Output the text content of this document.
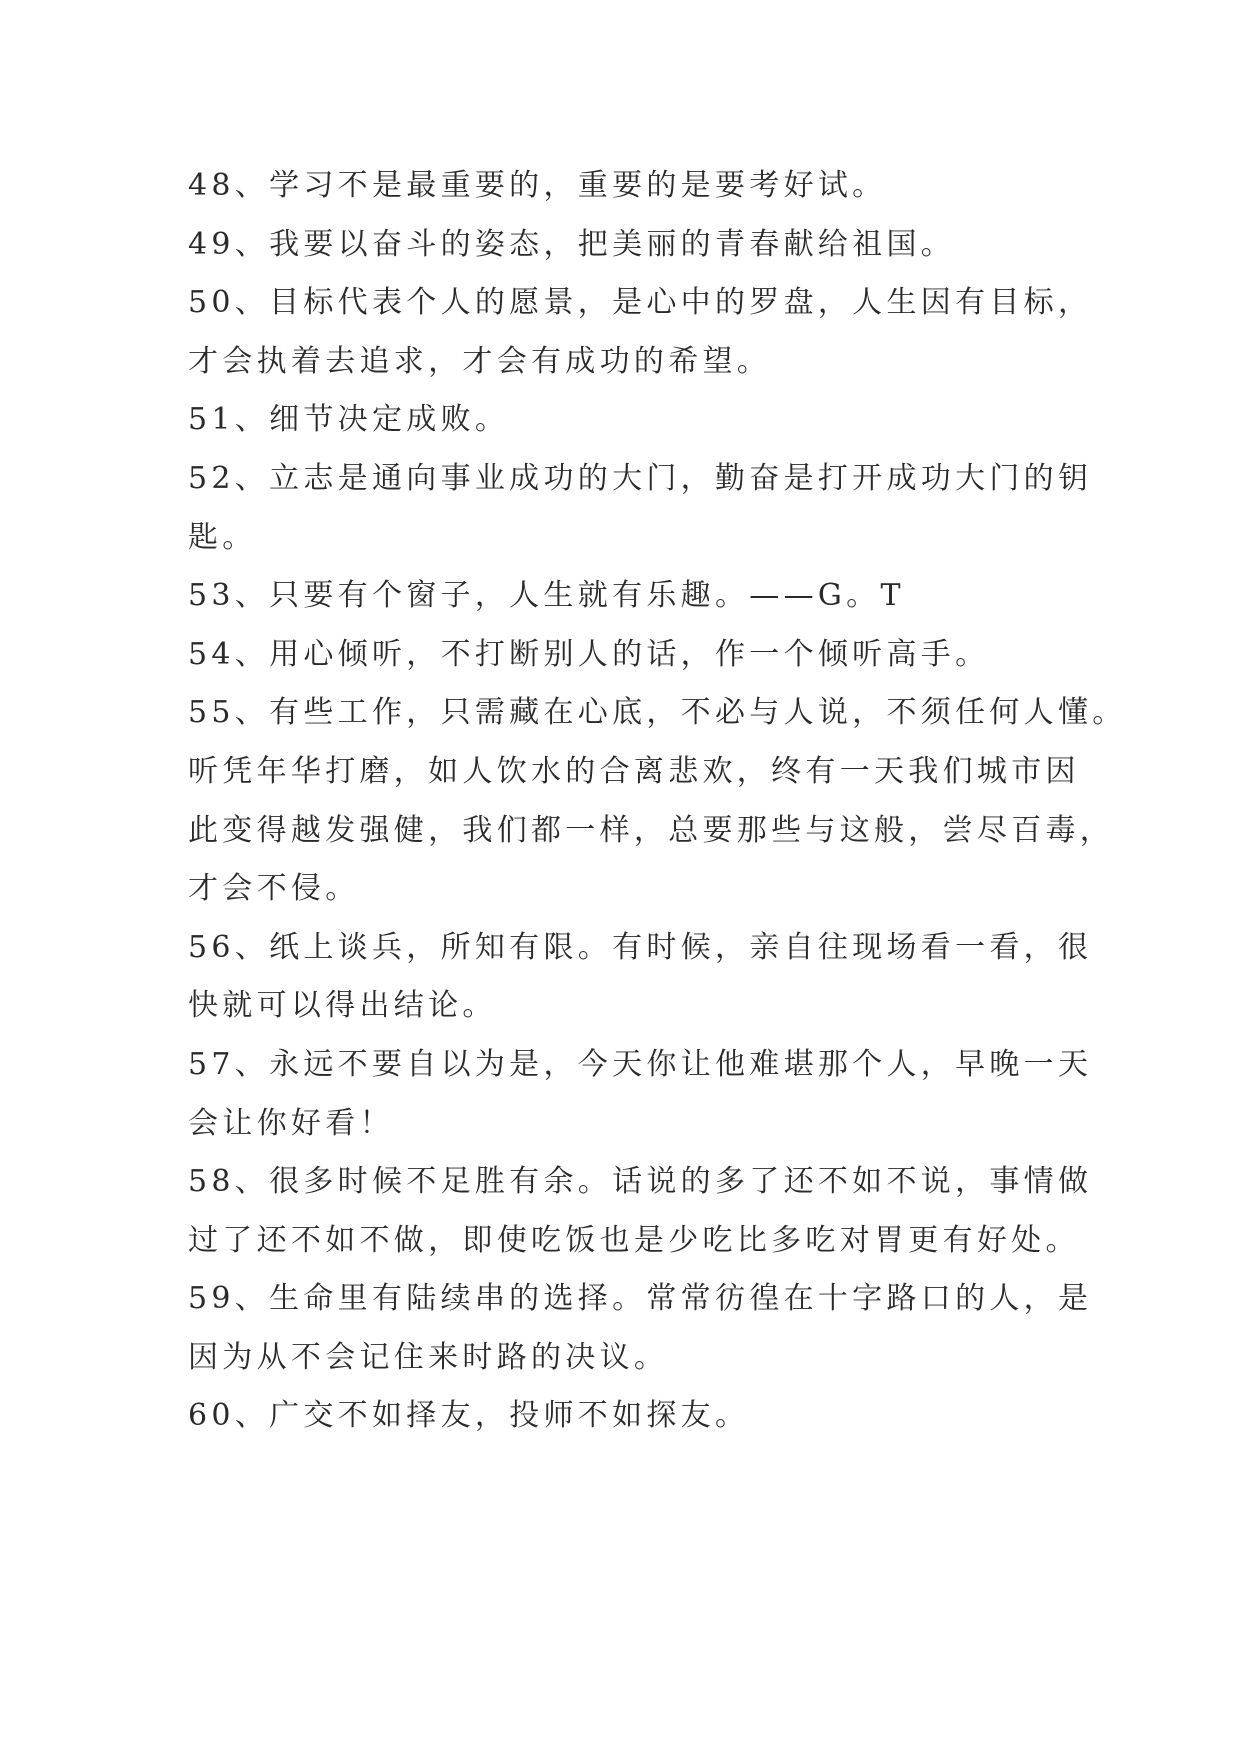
48、学习不是最重要的，重要的是要考好试。
49、我要以奋斗的姿态，把美丽的青春献给祖国。
50、目标代表个人的愿景，是心中的罗盘，人生因有目标，
才会执着去追求，才会有成功的希望。
51、细节决定成败。
52、立志是通向事业成功的大门，勤奋是打开成功大门的钥
匙。
53、只要有个窗子，人生就有乐趣。——G。T
54、用心倾听，不打断别人的话，作一个倾听高手。
55、有些工作，只需藏在心底，不必与人说，不须任何人懂。
听凭年华打磨，如人饮水的合离悲欢，终有一天我们城市因
此变得越发强健，我们都一样，总要那些与这般，尝尽百毒，
才会不侵。
56、纸上谈兵，所知有限。有时候，亲自往现场看一看，很
快就可以得出结论。
57、永远不要自以为是，今天你让他难堪那个人，早晚一天
会让你好看！
58、很多时候不足胜有余。话说的多了还不如不说，事情做
过了还不如不做，即使吃饭也是少吃比多吃对胃更有好处。
59、生命里有陆续串的选择。常常彷徨在十字路口的人，是
因为从不会记住来时路的决议。
60、广交不如择友，投师不如探友。
